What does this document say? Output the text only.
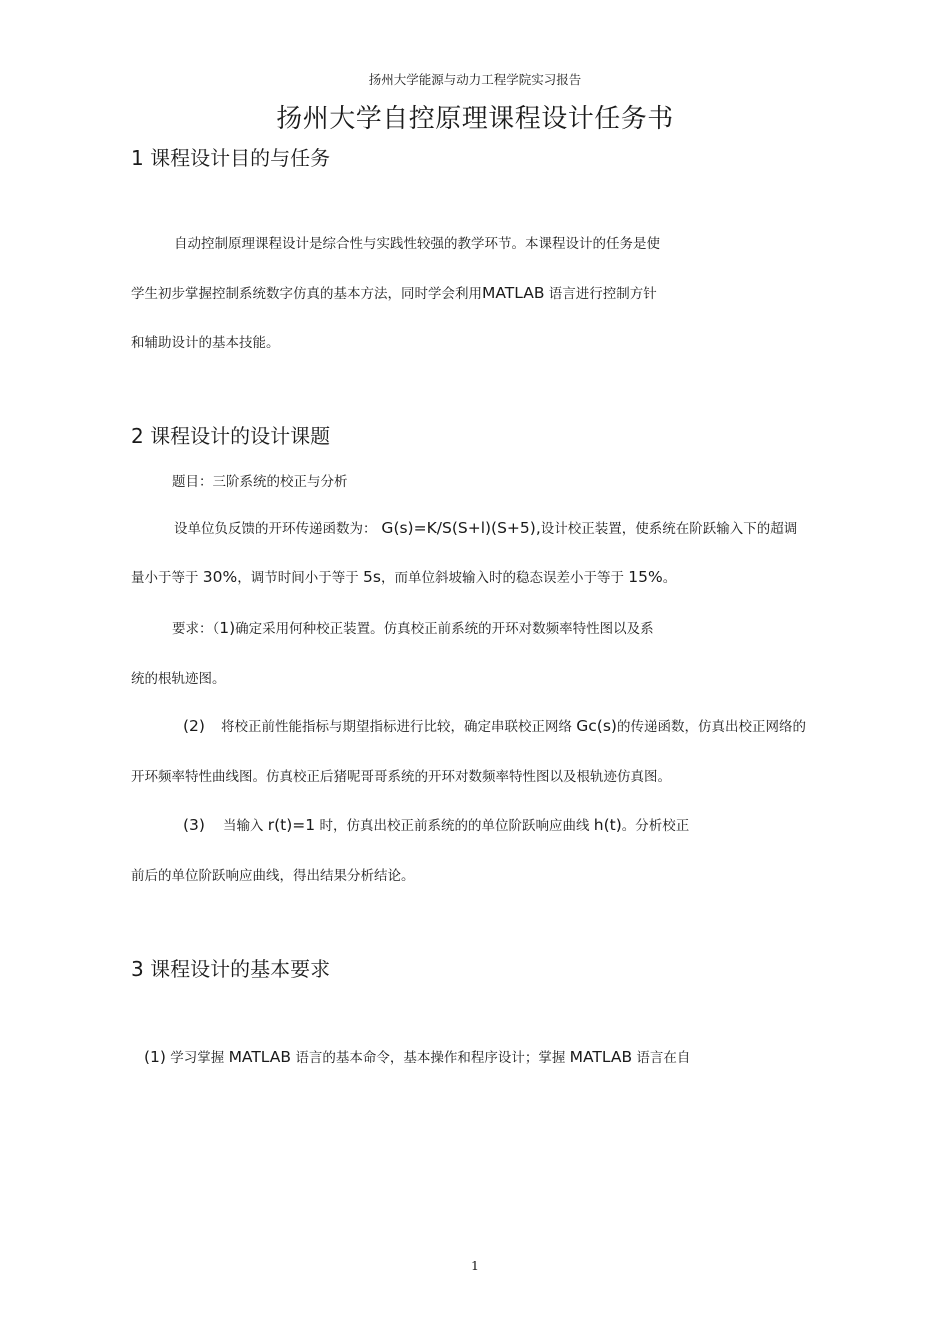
扬州大学能源与动力工程学院实习报告
扬州大学自控原理课程设计任务书
1 课程设计目的与任务
自动控制原理课程设计是综合性与实践性较强的教学环节。本课程设计的任务是使
学生初步掌握控制系统数字仿真的基本方法，同时学会利用MATLAB 语言进行控制方针
和辅助设计的基本技能。
2 课程设计的设计课题
题目：三阶系统的校正与分析
设单位负反馈的开环传递函数为： G(s)=K/S(S+l)(S+5),设计校正装置，使系统在阶跃输入下的超调
量小于等于 30%，调节时间小于等于 5s，而单位斜坡输入时的稳态误差小于等于 15%。
要求：（1)确定采用何种校正装置。仿真校正前系统的开环对数频率特性图以及系
统的根轨迹图。
(2) 将校正前性能指标与期望指标进行比较，确定串联校正网络 Gc(s)的传递函数，仿真出校正网络的
开环频率特性曲线图。仿真校正后猪呢哥哥系统的开环对数频率特性图以及根轨迹仿真图。
(3) 当输入 r(t)=1 时，仿真出校正前系统的的单位阶跃响应曲线 h(t)。分析校正
前后的单位阶跃响应曲线，得出结果分析结论。
3 课程设计的基本要求
(1) 学习掌握 MATLAB 语言的基本命令，基本操作和程序设计；掌握 MATLAB 语言在自
1
